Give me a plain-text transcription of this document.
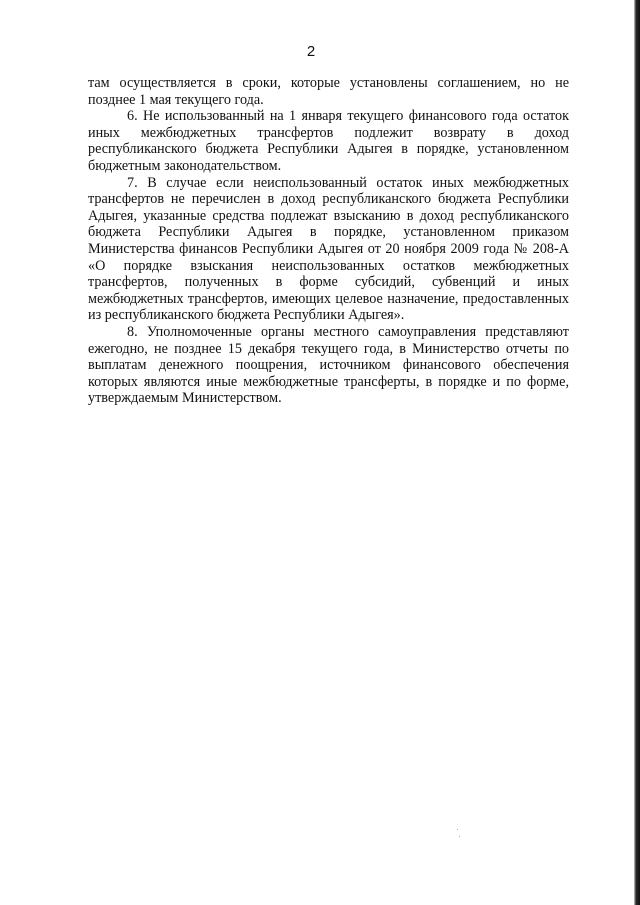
2

там осуществляется в сроки, которые установлены соглашением, но не позднее 1 мая текущего года.

6. Не использованный на 1 января текущего финансового года остаток иных межбюджетных трансфертов подлежит возврату в доход республиканского бюджета Республики Адыгея в порядке, установленном бюджетным законодательством.

7. В случае если неиспользованный остаток иных межбюджетных трансфертов не перечислен в доход республиканского бюджета Республики Адыгея, указанные средства подлежат взысканию в доход республиканского бюджета Республики Адыгея в порядке, установленном приказом Министерства финансов Республики Адыгея от 20 ноября 2009 года № 208-А «О порядке взыскания неиспользованных остатков межбюджетных трансфертов, полученных в форме субсидий, субвенций и иных межбюджетных трансфертов, имеющих целевое назначение, предоставленных из республиканского бюджета Республики Адыгея».

8. Уполномоченные органы местного самоуправления представляют ежегодно, не позднее 15 декабря текущего года, в Министерство отчеты по выплатам денежного поощрения, источником финансового обеспечения которых являются иные межбюджетные трансферты, в порядке и по форме, утверждаемым Министерством.
